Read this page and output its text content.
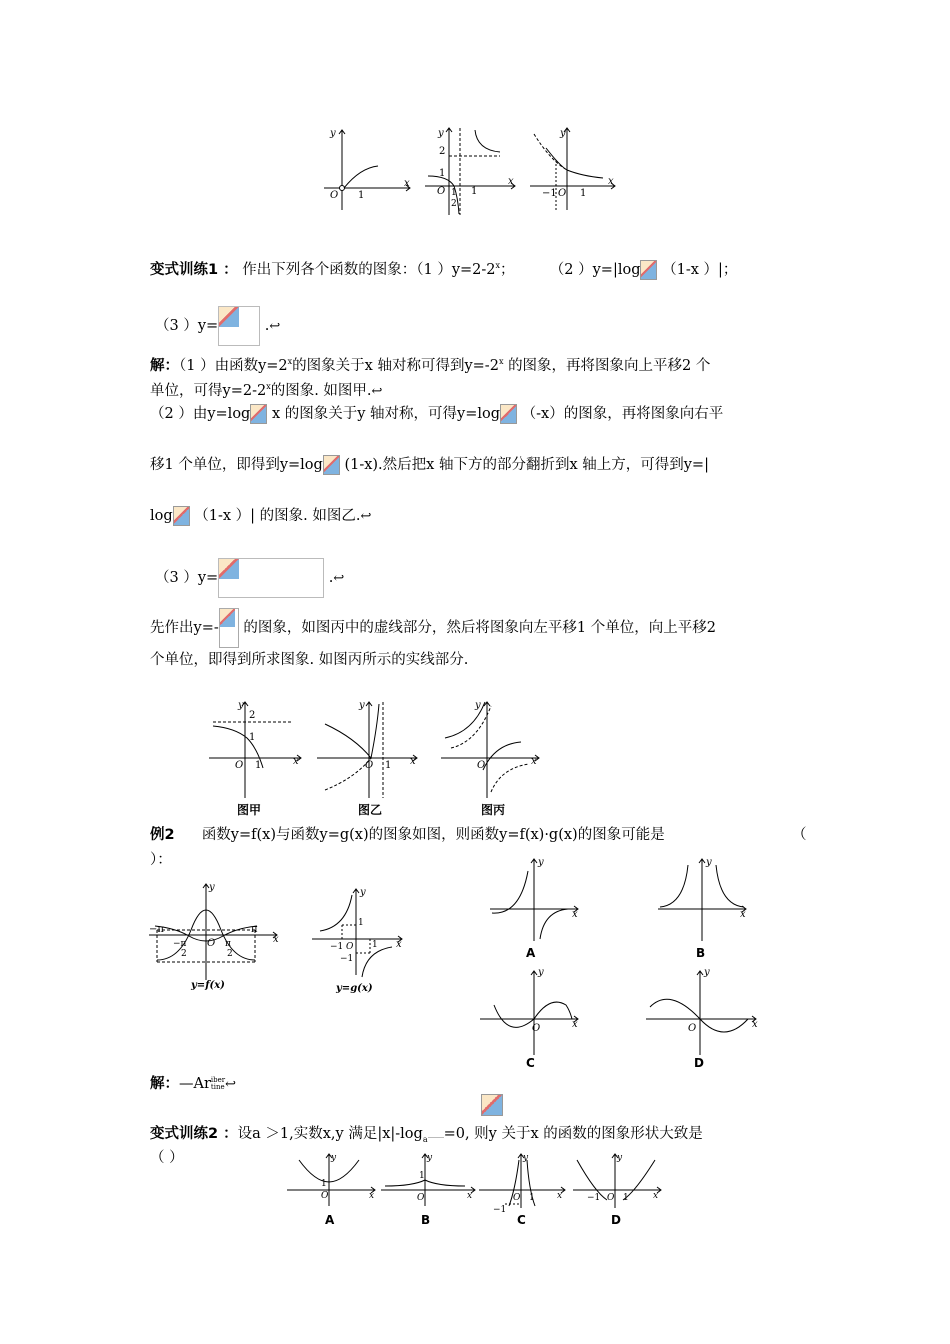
y
O 1
x
y
2
1
O 1
2
1
x
y
−1 O 1
x
变式训练1 ： 作出下列各个函数的图象：（1 ）$y=2-2^x$； （2 ）y=|log （1-x ）|；
（3 ）y=	.↩
解：（1 ）由函数$y=2^x$的图象关于x 轴对称可得到$y=-2^x$ 的图象，再将图象向上平移2 个
单位，可得$y=2-2^x$的图象. 如图甲.↩
（2 ）由y=log x 的图象关于y 轴对称，可得y=log （-x）的图象，再将图象向右平
移1 个单位，即得到y=log (1-x).然后把x 轴下方的部分翻折到x 轴上方，可得到y=|
log （1-x ）| 的图象. 如图乙.↩
（3 ）y=	.↩
先作出y=- 的图象，如图丙中的虚线部分，然后将图象向左平移1 个单位，向上平移2
个单位，即得到所求图象. 如图丙所示的实线部分.
y
2
1
O 1	x
图甲
y
O 1 x
图乙
y
O	x
图丙
例2 函数y=f(x)与函数y=g(x)的图象如图，则函数y=f(x)·g(x)的图象可能是	（
）：
y
−π	π
−π
2
O π
2
x
y=f(x)
y
1
−1 O 1
−1
x
y=g(x)
y
x
A
y
x
B
y
O	x
C
y
O	x
D
解：—Ar iber
tine ↩
变式训练2 ：设a ＞1,实数x,y 满足$|x|-\log_a =0$, 则y 关于x 的函数的图象形状大致是
（ ）	y
1
O	x
A
y
1
O	x
B
y
O 1
−1
x
C
y
−1 O 1	x
D
